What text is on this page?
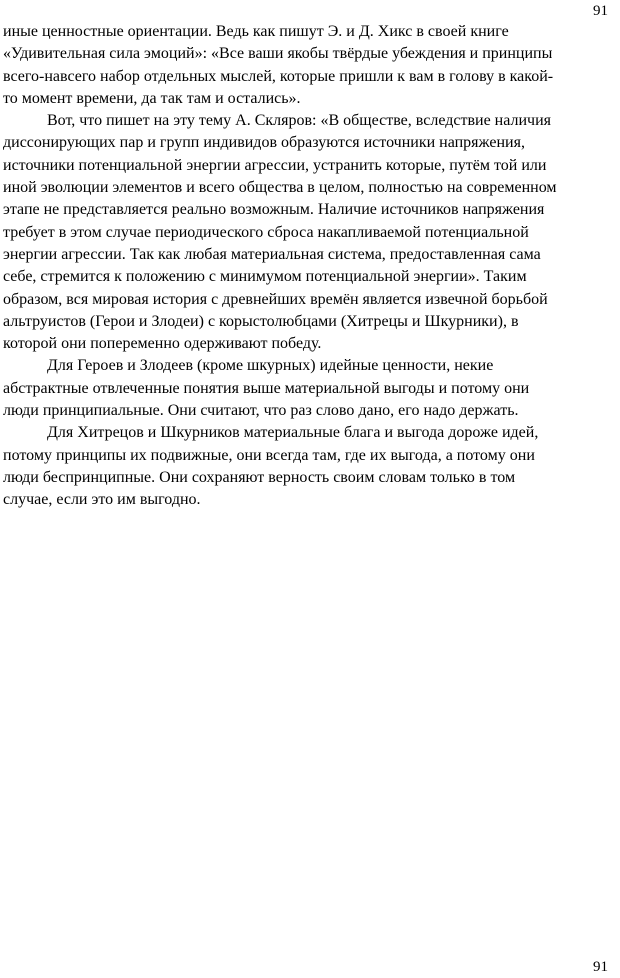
91
иные ценностные ориентации. Ведь как пишут Э. и Д. Хикс в своей книге
«Удивительная сила эмоций»: «Все ваши якобы твёрдые убеждения и принципы
всего-навсего набор отдельных мыслей, которые пришли к вам в голову в какой-
то момент времени, да так там и остались».
Вот, что пишет на эту тему А. Скляров: «В обществе, вследствие наличия
диссонирующих пар и групп индивидов образуются источники напряжения,
источники потенциальной энергии агрессии, устранить которые, путём той или
иной эволюции элементов и всего общества в целом, полностью на современном
этапе не представляется реально возможным. Наличие источников напряжения
требует в этом случае периодического сброса накапливаемой потенциальной
энергии агрессии. Так как любая материальная система, предоставленная сама
себе, стремится к положению с минимумом потенциальной энергии». Таким
образом, вся мировая история с древнейших времён является извечной борьбой
альтруистов (Герои и Злодеи) с корыстолюбцами (Хитрецы и Шкурники), в
которой они попеременно одерживают победу.
Для Героев и Злодеев (кроме шкурных) идейные ценности, некие
абстрактные отвлеченные понятия выше материальной выгоды и потому они
люди принципиальные. Они считают, что раз слово дано, его надо держать.
Для Хитрецов и Шкурников материальные блага и выгода дороже идей,
потому принципы их подвижные, они всегда там, где их выгода, а потому они
люди беспринципные. Они сохраняют верность своим словам только в том
случае, если это им выгодно.
91
